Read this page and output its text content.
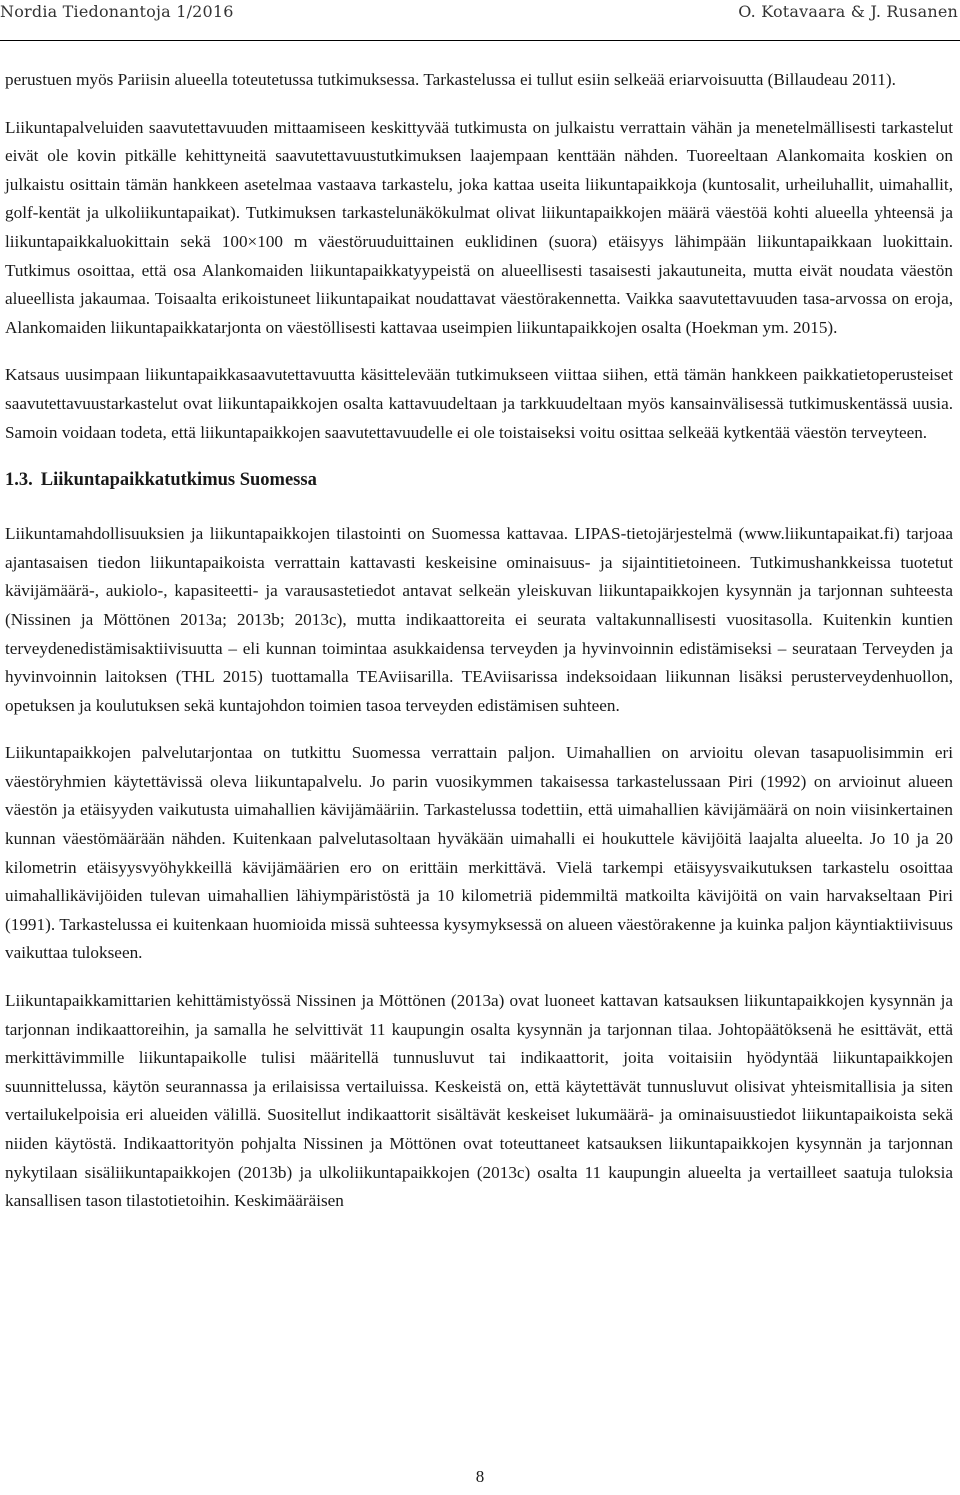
Nordia Tiedonantoja 1/2016	O. Kotavaara & J. Rusanen

perustuen myös Pariisin alueella toteutetussa tutkimuksessa. Tarkastelussa ei tullut esiin selkeää eriarvoisuutta (Billaudeau 2011).

Liikuntapalveluiden saavutettavuuden mittaamiseen keskittyvää tutkimusta on julkaistu verrattain vähän ja menetelmällisesti tarkastelut eivät ole kovin pitkälle kehittyneitä saavutettavuustutkimuksen laajempaan kenttään nähden. Tuoreeltaan Alankomaita koskien on julkaistu osittain tämän hankkeen asetelmaa vastaava tarkastelu, joka kattaa useita liikuntapaikkoja (kuntosalit, urheiluhallit, uimahallit, golf-kentät ja ulkoliikuntapaikat). Tutkimuksen tarkastelunäkökulmat olivat liikuntapaikkojen määrä väestöä kohti alueella yhteensä ja liikuntapaikkaluokittain sekä 100×100 m väestöruuduittainen euklidinen (suora) etäisyys lähimpään liikuntapaikkaan luokittain. Tutkimus osoittaa, että osa Alankomaiden liikuntapaikkatyypeistä on alueellisesti tasaisesti jakautuneita, mutta eivät noudata väestön alueellista jakaumaa. Toisaalta erikoistuneet liikuntapaikat noudattavat väestörakennetta. Vaikka saavutettavuuden tasa-arvossa on eroja, Alankomaiden liikuntapaikkatarjonta on väestöllisesti kattavaa useimpien liikuntapaikkojen osalta (Hoekman ym. 2015).

Katsaus uusimpaan liikuntapaikkasaavutettavuutta käsittelevään tutkimukseen viittaa siihen, että tämän hankkeen paikkatietoperusteiset saavutettavuustarkastelut ovat liikuntapaikkojen osalta kattavuudeltaan ja tarkkuudeltaan myös kansainvälisessä tutkimuskentässä uusia. Samoin voidaan todeta, että liikuntapaikkojen saavutettavuudelle ei ole toistaiseksi voitu osittaa selkeää kytkentää väestön terveyteen.

1.3. Liikuntapaikkatutkimus Suomessa

Liikuntamahdollisuuksien ja liikuntapaikkojen tilastointi on Suomessa kattavaa. LIPAS-tietojärjestelmä (www.liikuntapaikat.fi) tarjoaa ajantasaisen tiedon liikuntapaikoista verrattain kattavasti keskeisine ominaisuus- ja sijaintitietoineen. Tutkimushankkeissa tuotetut kävijämäärä-, aukiolo-, kapasiteetti- ja varausastetiedot antavat selkeän yleiskuvan liikuntapaikkojen kysynnän ja tarjonnan suhteesta (Nissinen ja Möttönen 2013a; 2013b; 2013c), mutta indikaattoreita ei seurata valtakunnallisesti vuositasolla. Kuitenkin kuntien terveydenedistämisaktiivisuutta – eli kunnan toimintaa asukkaidensa terveyden ja hyvinvoinnin edistämiseksi – seurataan Terveyden ja hyvinvoinnin laitoksen (THL 2015) tuottamalla TEAviisarilla. TEAviisarissa indeksoidaan liikunnan lisäksi perusterveydenhuollon, opetuksen ja koulutuksen sekä kuntajohdon toimien tasoa terveyden edistämisen suhteen.

Liikuntapaikkojen palvelutarjontaa on tutkittu Suomessa verrattain paljon. Uimahallien on arvioitu olevan tasapuolisimmin eri väestöryhmien käytettävissä oleva liikuntapalvelu. Jo parin vuosikymmen takaisessa tarkastelussaan Piri (1992) on arvioinut alueen väestön ja etäisyyden vaikutusta uimahallien kävijämääriin. Tarkastelussa todettiin, että uimahallien kävijämäärä on noin viisinkertainen kunnan väestömäärään nähden. Kuitenkaan palvelutasoltaan hyväkään uimahalli ei houkuttele kävijöitä laajalta alueelta. Jo 10 ja 20 kilometrin etäisyysvyöhykkeillä kävijämäärien ero on erittäin merkittävä. Vielä tarkempi etäisyysvaikutuksen tarkastelu osoittaa uimahallikävijöiden tulevan uimahallien lähiympäristöstä ja 10 kilometriä pidemmiltä matkoilta kävijöitä on vain harvakseltaan Piri (1991). Tarkastelussa ei kuitenkaan huomioida missä suhteessa kysymyksessä on alueen väestörakenne ja kuinka paljon käyntiaktiivisuus vaikuttaa tulokseen.

Liikuntapaikkamittarien kehittämistyössä Nissinen ja Möttönen (2013a) ovat luoneet kattavan katsauksen liikuntapaikkojen kysynnän ja tarjonnan indikaattoreihin, ja samalla he selvittivät 11 kaupungin osalta kysynnän ja tarjonnan tilaa. Johtopäätöksenä he esittävät, että merkittävimmille liikuntapaikolle tulisi määritellä tunnusluvut tai indikaattorit, joita voitaisiin hyödyntää liikuntapaikkojen suunnittelussa, käytön seurannassa ja erilaisissa vertailuissa. Keskeistä on, että käytettävät tunnusluvut olisivat yhteismitallisia ja siten vertailukelpoisia eri alueiden välillä. Suositellut indikaattorit sisältävät keskeiset lukumäärä- ja ominaisuustiedot liikuntapaikoista sekä niiden käytöstä. Indikaattorityön pohjalta Nissinen ja Möttönen ovat toteuttaneet katsauksen liikuntapaikkojen kysynnän ja tarjonnan nykytilaan sisäliikuntapaikkojen (2013b) ja ulkoliikuntapaikkojen (2013c) osalta 11 kaupungin alueelta ja vertailleet saatuja tuloksia kansallisen tason tilastotietoihin. Keskimääräisen

8
